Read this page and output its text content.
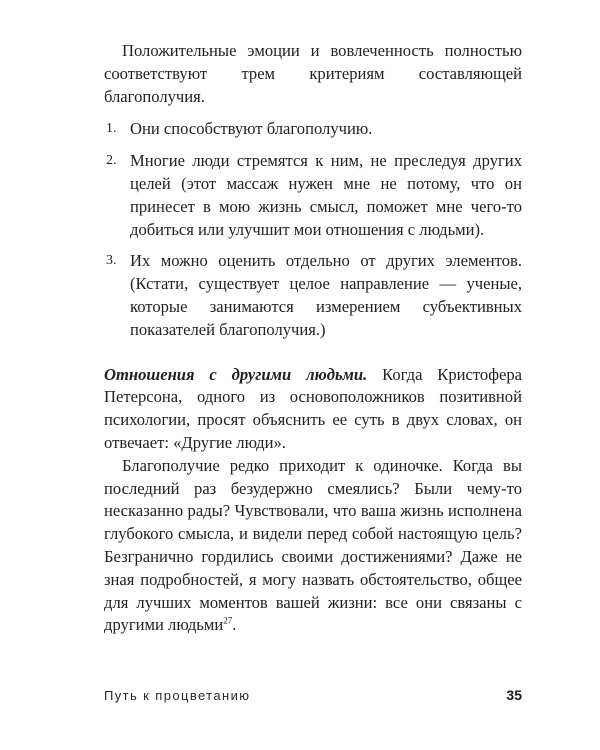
Положительные эмоции и вовлеченность полностью соответствуют трем критериям составляющей благополучия.

1. Они способствуют благополучию.
2. Многие люди стремятся к ним, не преследуя других целей (этот массаж нужен мне не потому, что он принесет в мою жизнь смысл, поможет мне чего-то добиться или улучшит мои отношения с людьми).
3. Их можно оценить отдельно от других элементов. (Кстати, существует целое направление — ученые, которые занимаются измерением субъективных показателей благополучия.)

Отношения с другими людьми. Когда Кристофера Петерсона, одного из основоположников позитивной психологии, просят объяснить ее суть в двух словах, он отвечает: «Другие люди».

Благополучие редко приходит к одиночке. Когда вы последний раз безудержно смеялись? Были чему-то несказанно рады? Чувствовали, что ваша жизнь исполнена глубокого смысла, и видели перед собой настоящую цель? Безгранично гордились своими достижениями? Даже не зная подробностей, я могу назвать обстоятельство, общее для лучших моментов вашей жизни: все они связаны с другими людьми$^{27}$.

Путь к процветанию	35
